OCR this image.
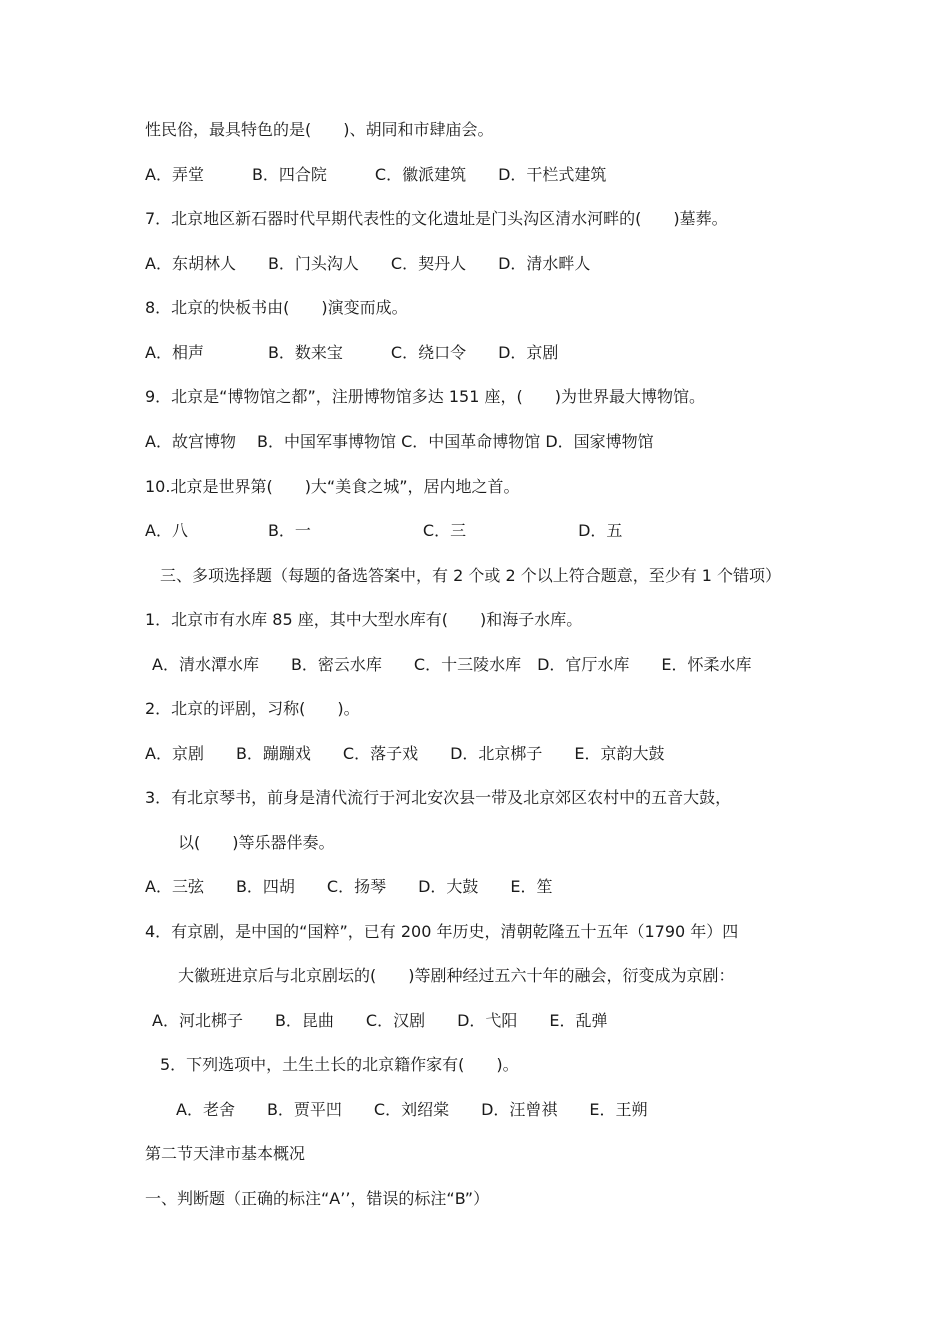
性民俗，最具特色的是(　　)、胡同和市肆庙会。
A．弄堂　　　B．四合院　　　C．徽派建筑　　D．干栏式建筑
7．北京地区新石器时代早期代表性的文化遗址是门头沟区清水河畔的(　　)墓葬。
A．东胡林人　　B．门头沟人　　C．契丹人　　D．清水畔人
8．北京的快板书由(　　)演变而成。
A．相声　　　　B．数来宝　　　C．绕口令　　D．京剧
9．北京是“博物馆之都”，注册博物馆多达 151 座，(　　)为世界最大博物馆。
A．故宫博物　 B．中国军事博物馆 C．中国革命博物馆 D．国家博物馆
10.北京是世界第(　　)大“美食之城”，居内地之首。
A．八　　　　　B．一　　　　　　　C．三　　　　　　　D．五
三、多项选择题（每题的备选答案中，有 2 个或 2 个以上符合题意，至少有 1 个错项）
1．北京市有水库 85 座，其中大型水库有(　　)和海子水库。
A．清水潭水库　　B．密云水库　　C．十三陵水库　D．官厅水库　　E．怀柔水库
2．北京的评剧，习称(　　)。
A．京剧　　B．蹦蹦戏　　C．落子戏　　D．北京梆子　　E．京韵大鼓
3．有北京琴书，前身是清代流行于河北安次县一带及北京郊区农村中的五音大鼓，
以(　　)等乐器伴奏。
A．三弦　　B．四胡　　C．扬琴　　D．大鼓　　E．笙
4．有京剧，是中国的“国粹”，已有 200 年历史，清朝乾隆五十五年（1790 年）四
大徽班进京后与北京剧坛的(　　)等剧种经过五六十年的融会，衍变成为京剧：
A．河北梆子　　B．昆曲　　C．汉剧　　D．弋阳　　E．乱弹
5．下列选项中，土生土长的北京籍作家有(　　)。
A．老舍　　B．贾平凹　　C．刘绍棠　　D．汪曾祺　　E．王朔
第二节天津市基本概况
一、判断题（正确的标注“A’’，错误的标注“B”）
